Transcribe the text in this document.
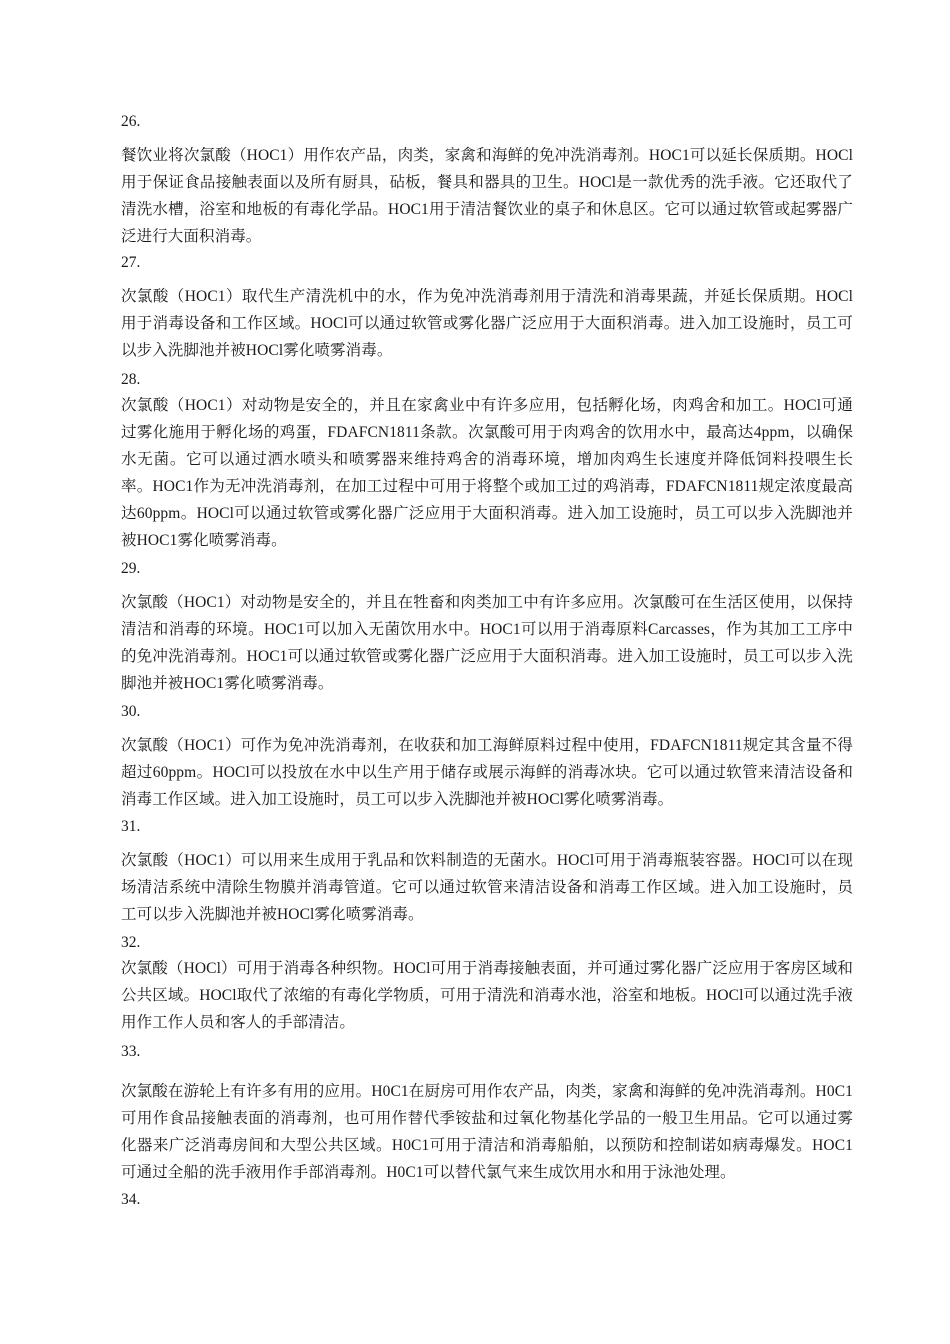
26.

餐饮业将次氯酸（HOC1）用作农产品，肉类，家禽和海鲜的免冲洗消毒剂。HOC1可以延长保质期。HOCl用于保证食品接触表面以及所有厨具，砧板，餐具和器具的卫生。HOCl是一款优秀的洗手液。它还取代了清洗水槽，浴室和地板的有毒化学品。HOC1用于清洁餐饮业的桌子和休息区。它可以通过软管或起雾器广泛进行大面积消毒。

27.

次氯酸（HOC1）取代生产清洗机中的水，作为免冲洗消毒剂用于清洗和消毒果蔬，并延长保质期。HOCl用于消毒设备和工作区域。HOCl可以通过软管或雾化器广泛应用于大面积消毒。进入加工设施时，员工可以步入洗脚池并被HOCl雾化喷雾消毒。

28.

次氯酸（HOC1）对动物是安全的，并且在家禽业中有许多应用，包括孵化场，肉鸡舍和加工。HOCl可通过雾化施用于孵化场的鸡蛋，FDAFCN1811条款。次氯酸可用于肉鸡舍的饮用水中，最高达4ppm，以确保水无菌。它可以通过洒水喷头和喷雾器来维持鸡舍的消毒环境，增加肉鸡生长速度并降低饲料投喂生长率。HOC1作为无冲洗消毒剂，在加工过程中可用于将整个或加工过的鸡消毒，FDAFCN1811规定浓度最高达60ppm。HOCl可以通过软管或雾化器广泛应用于大面积消毒。进入加工设施时，员工可以步入洗脚池并被HOC1雾化喷雾消毒。

29.

次氯酸（HOC1）对动物是安全的，并且在牲畜和肉类加工中有许多应用。次氯酸可在生活区使用，以保持清洁和消毒的环境。HOC1可以加入无菌饮用水中。HOC1可以用于消毒原料Carcasses，作为其加工工序中的免冲洗消毒剂。HOC1可以通过软管或雾化器广泛应用于大面积消毒。进入加工设施时，员工可以步入洗脚池并被HOC1雾化喷雾消毒。

30.

次氯酸（HOC1）可作为免冲洗消毒剂，在收获和加工海鲜原料过程中使用，FDAFCN1811规定其含量不得超过60ppm。HOCl可以投放在水中以生产用于储存或展示海鲜的消毒冰块。它可以通过软管来清洁设备和消毒工作区域。进入加工设施时，员工可以步入洗脚池并被HOCl雾化喷雾消毒。

31.

次氯酸（HOC1）可以用来生成用于乳品和饮料制造的无菌水。HOCl可用于消毒瓶装容器。HOCl可以在现场清洁系统中清除生物膜并消毒管道。它可以通过软管来清洁设备和消毒工作区域。进入加工设施时，员工可以步入洗脚池并被HOCl雾化喷雾消毒。

32.

次氯酸（HOCl）可用于消毒各种织物。HOCl可用于消毒接触表面，并可通过雾化器广泛应用于客房区域和公共区域。HOCl取代了浓缩的有毒化学物质，可用于清洗和消毒水池，浴室和地板。HOCl可以通过洗手液用作工作人员和客人的手部清洁。

33.

次氯酸在游轮上有许多有用的应用。H0C1在厨房可用作农产品，肉类，家禽和海鲜的免冲洗消毒剂。H0C1可用作食品接触表面的消毒剂，也可用作替代季铵盐和过氧化物基化学品的一般卫生用品。它可以通过雾化器来广泛消毒房间和大型公共区域。H0C1可用于清洁和消毒船舶，以预防和控制诺如病毒爆发。HOC1可通过全船的洗手液用作手部消毒剂。H0C1可以替代氯气来生成饮用水和用于泳池处理。

34.
